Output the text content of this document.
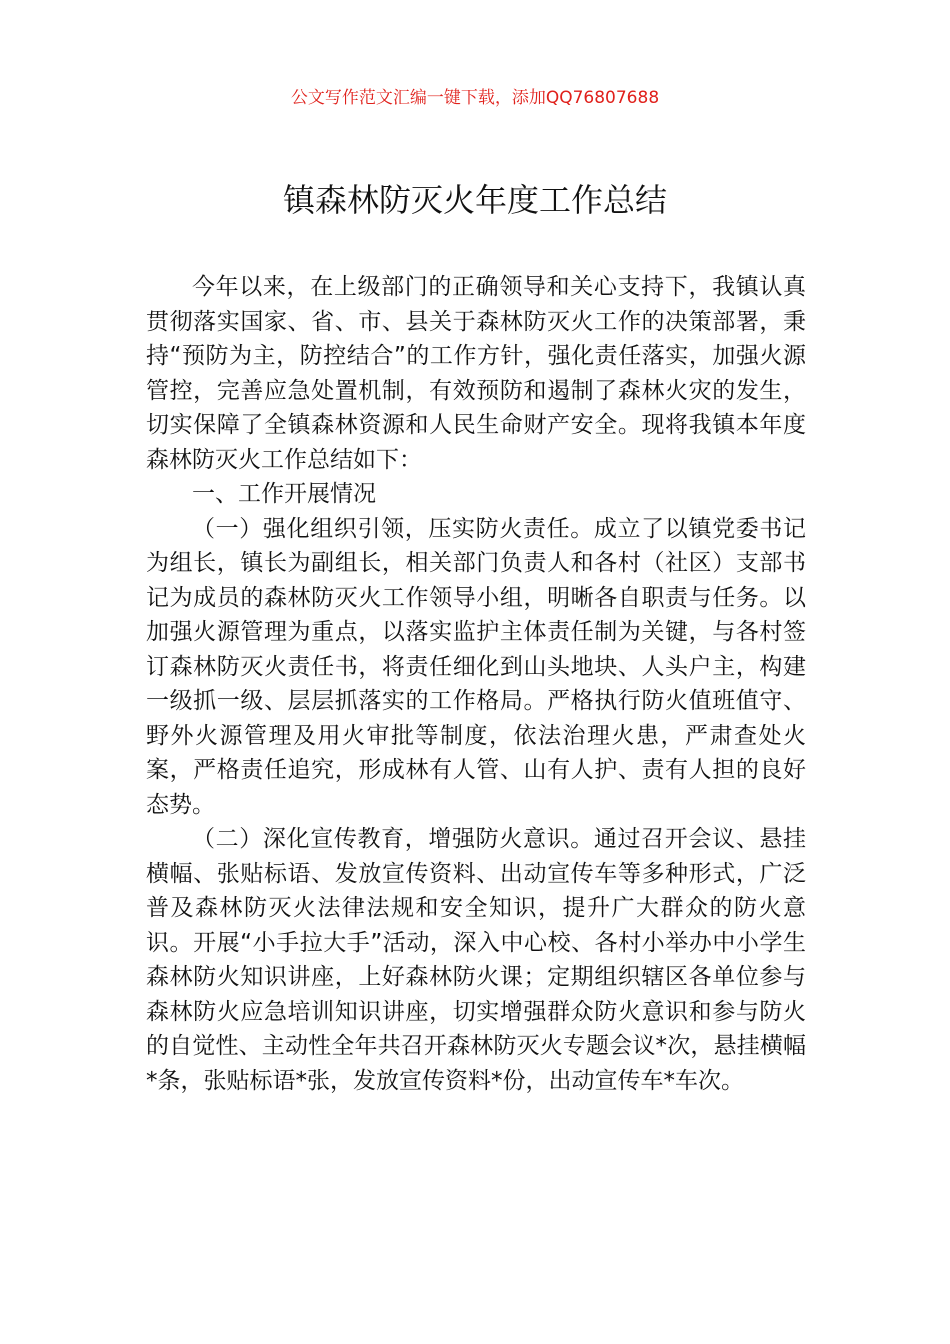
公文写作范文汇编一键下载，添加QQ76807688
镇森林防灭火年度工作总结

今年以来，在上级部门的正确领导和关心支持下，我镇认真贯彻落实国家、省、市、县关于森林防灭火工作的决策部署，秉持“预防为主，防控结合”的工作方针，强化责任落实，加强火源管控，完善应急处置机制，有效预防和遏制了森林火灾的发生，切实保障了全镇森林资源和人民生命财产安全。现将我镇本年度森林防灭火工作总结如下：

一、工作开展情况

（一）强化组织引领，压实防火责任。成立了以镇党委书记为组长，镇长为副组长，相关部门负责人和各村（社区）支部书记为成员的森林防灭火工作领导小组，明晰各自职责与任务。以加强火源管理为重点，以落实监护主体责任制为关键，与各村签订森林防灭火责任书，将责任细化到山头地块、人头户主，构建一级抓一级、层层抓落实的工作格局。严格执行防火值班值守、野外火源管理及用火审批等制度，依法治理火患，严肃查处火案，严格责任追究，形成林有人管、山有人护、责有人担的良好态势。

（二）深化宣传教育，增强防火意识。通过召开会议、悬挂横幅、张贴标语、发放宣传资料、出动宣传车等多种形式，广泛普及森林防灭火法律法规和安全知识，提升广大群众的防火意识。开展“小手拉大手”活动，深入中心校、各村小举办中小学生森林防火知识讲座，上好森林防火课；定期组织辖区各单位参与森林防火应急培训知识讲座，切实增强群众防火意识和参与防火的自觉性、主动性全年共召开森林防灭火专题会议*次，悬挂横幅*条，张贴标语*张，发放宣传资料*份，出动宣传车*车次。
